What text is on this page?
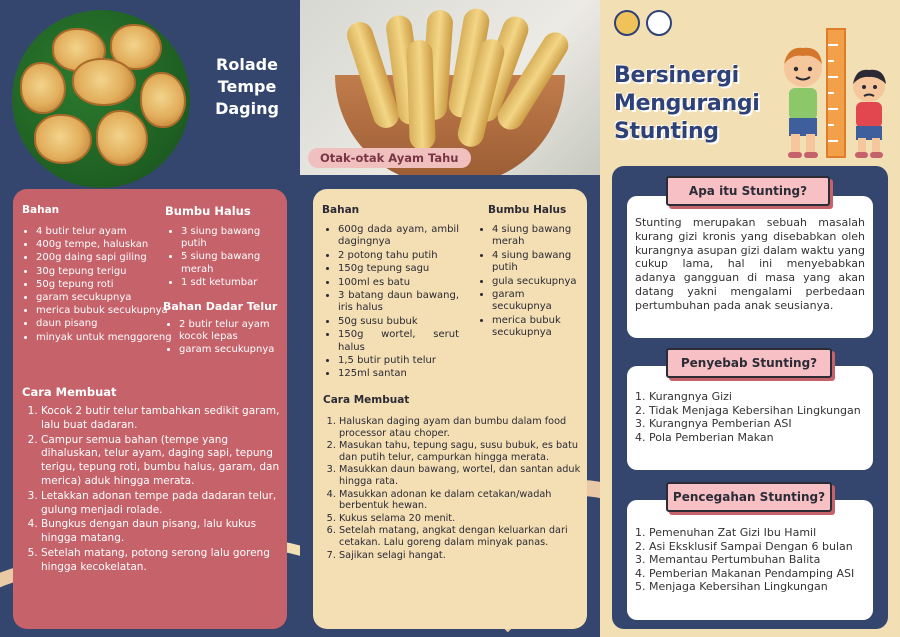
Rolade
Tempe
Daging
Bahan
• 4 butir telur ayam
• 400g tempe, haluskan
• 200g daing sapi giling
• 30g tepung terigu
• 50g tepung roti
• garam secukupnya
• merica bubuk secukupnya
• daun pisang
• minyak untuk menggoreng
Bumbu Halus
• 3 siung bawang putih
• 5 siung bawang merah
• 1 sdt ketumbar
Bahan Dadar Telur
• 2 butir telur ayam kocok lepas
• garam secukupnya
Cara Membuat
1. Kocok 2 butir telur tambahkan sedikit garam, lalu buat dadaran.
2. Campur semua bahan (tempe yang dihaluskan, telur ayam, daging sapi, tepung terigu, tepung roti, bumbu halus, garam, dan merica) aduk hingga merata.
3. Letakkan adonan tempe pada dadaran telur, gulung menjadi rolade.
4. Bungkus dengan daun pisang, lalu kukus hingga matang.
5. Setelah matang, potong serong lalu goreng hingga kecokelatan.
Otak-otak Ayam Tahu
Bahan
• 600g dada ayam, ambil dagingnya
• 2 potong tahu putih
• 150g tepung sagu
• 100ml es batu
• 3 batang daun bawang, iris halus
• 50g susu bubuk
• 150g wortel, serut halus
• 1,5 butir putih telur
• 125ml santan
Bumbu Halus
• 4 siung bawang merah
• 4 siung bawang putih
• gula secukupnya
• garam secukupnya
• merica bubuk secukupnya
Cara Membuat
1. Haluskan daging ayam dan bumbu dalam food processor atau choper.
2. Masukan tahu, tepung sagu, susu bubuk, es batu dan putih telur, campurkan hingga merata.
3. Masukkan daun bawang, wortel, dan santan aduk hingga rata.
4. Masukkan adonan ke dalam cetakan/wadah berbentuk hewan.
5. Kukus selama 20 menit.
6. Setelah matang, angkat dengan keluarkan dari cetakan. Lalu goreng dalam minyak panas.
7. Sajikan selagi hangat.
Bersinergi
Mengurangi
Stunting
Stunting merupakan sebuah masalah kurang gizi kronis yang disebabkan oleh kurangnya asupan gizi dalam waktu yang cukup lama, hal ini menyebabkan adanya gangguan di masa yang akan datang yakni mengalami perbedaan pertumbuhan pada anak seusianya.
Apa itu Stunting?
1. Kurangnya Gizi
2. Tidak Menjaga Kebersihan Lingkungan
3. Kurangnya Pemberian ASI
4. Pola Pemberian Makan
Penyebab Stunting?
1. Pemenuhan Zat Gizi Ibu Hamil
2. Asi Eksklusif Sampai Dengan 6 bulan
3. Memantau Pertumbuhan Balita
4. Pemberian Makanan Pendamping ASI
5. Menjaga Kebersihan Lingkungan
Pencegahan Stunting?
